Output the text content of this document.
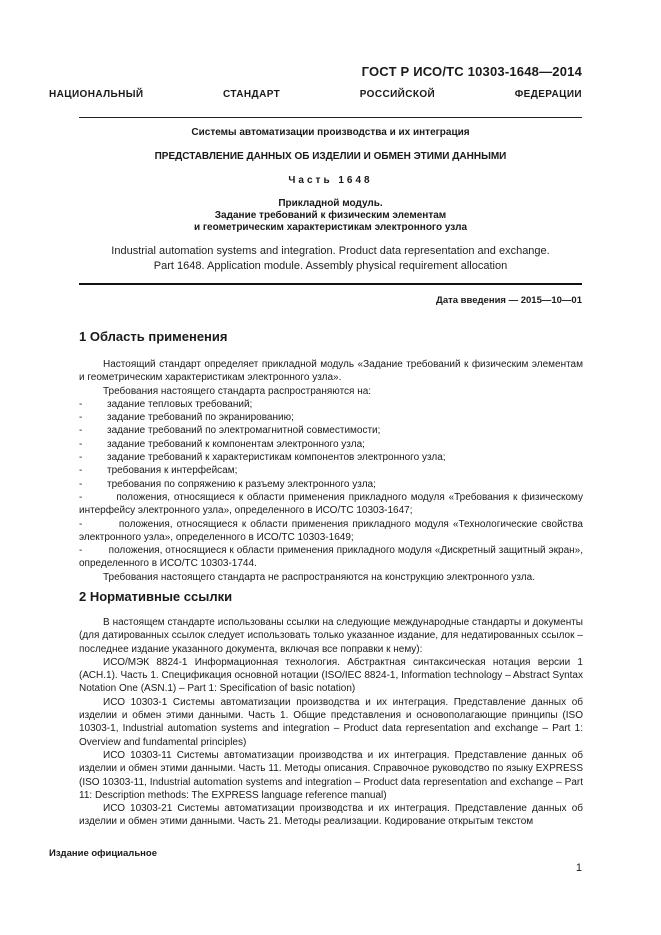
ГОСТ Р ИСО/ТС 10303-1648—2014
НАЦИОНАЛЬНЫЙ СТАНДАРТ РОССИЙСКОЙ ФЕДЕРАЦИИ
Системы автоматизации производства и их интеграция
ПРЕДСТАВЛЕНИЕ ДАННЫХ ОБ ИЗДЕЛИИ И ОБМЕН ЭТИМИ ДАННЫМИ
Часть 1648
Прикладной модуль.
Задание требований к физическим элементам
и геометрическим характеристикам электронного узла
Industrial automation systems and integration. Product data representation and exchange.
Part 1648. Application module. Assembly physical requirement allocation
Дата введения — 2015—10—01
1 Область применения

Настоящий стандарт определяет прикладной модуль «Задание требований к физическим элементам и геометрическим характеристикам электронного узла».

Требования настоящего стандарта распространяются на:

-	задание тепловых требований;
-	задание требований по экранированию;
-	задание требований по электромагнитной совместимости;
-	задание требований к компонентам электронного узла;
-	задание требований к характеристикам компонентов электронного узла;
-	требования к интерфейсам;
-	требования по сопряжению к разъему электронного узла;

-	положения, относящиеся к области применения прикладного модуля «Требования к физическому интерфейсу электронного узла», определенного в ИСО/ТС 10303-1647;

-	положения, относящиеся к области применения прикладного модуля «Технологические свойства электронного узла», определенного в ИСО/ТС 10303-1649;

-	положения, относящиеся к области применения прикладного модуля «Дискретный защитный экран», определенного в ИСО/ТС 10303-1744.

Требования настоящего стандарта не распространяются на конструкцию электронного узла.

2 Нормативные ссылки

В настоящем стандарте использованы ссылки на следующие международные стандарты и документы (для датированных ссылок следует использовать только указанное издание, для недатированных ссылок – последнее издание указанного документа, включая все поправки к нему):

ИСО/МЭК 8824-1 Информационная технология. Абстрактная синтаксическая нотация версии 1 (АСН.1). Часть 1. Спецификация основной нотации (ISO/IEC 8824-1, Information technology – Abstract Syntax Notation One (ASN.1) – Part 1: Specification of basic notation)

ИСО 10303-1 Системы автоматизации производства и их интеграция. Представление данных об изделии и обмен этими данными. Часть 1. Общие представления и основополагающие принципы (ISO 10303-1, Industrial automation systems and integration – Product data representation and exchange – Part 1: Overview and fundamental principles)

ИСО 10303-11 Системы автоматизации производства и их интеграция. Представление данных об изделии и обмен этими данными. Часть 11. Методы описания. Справочное руководство по языку EXPRESS (ISO 10303-11, Industrial automation systems and integration – Product data representation and exchange – Part 11: Description methods: The EXPRESS language reference manual)

ИСО 10303-21 Системы автоматизации производства и их интеграция. Представление данных об изделии и обмен этими данными. Часть 21. Методы реализации. Кодирование открытым текстом

Издание официальное
1
